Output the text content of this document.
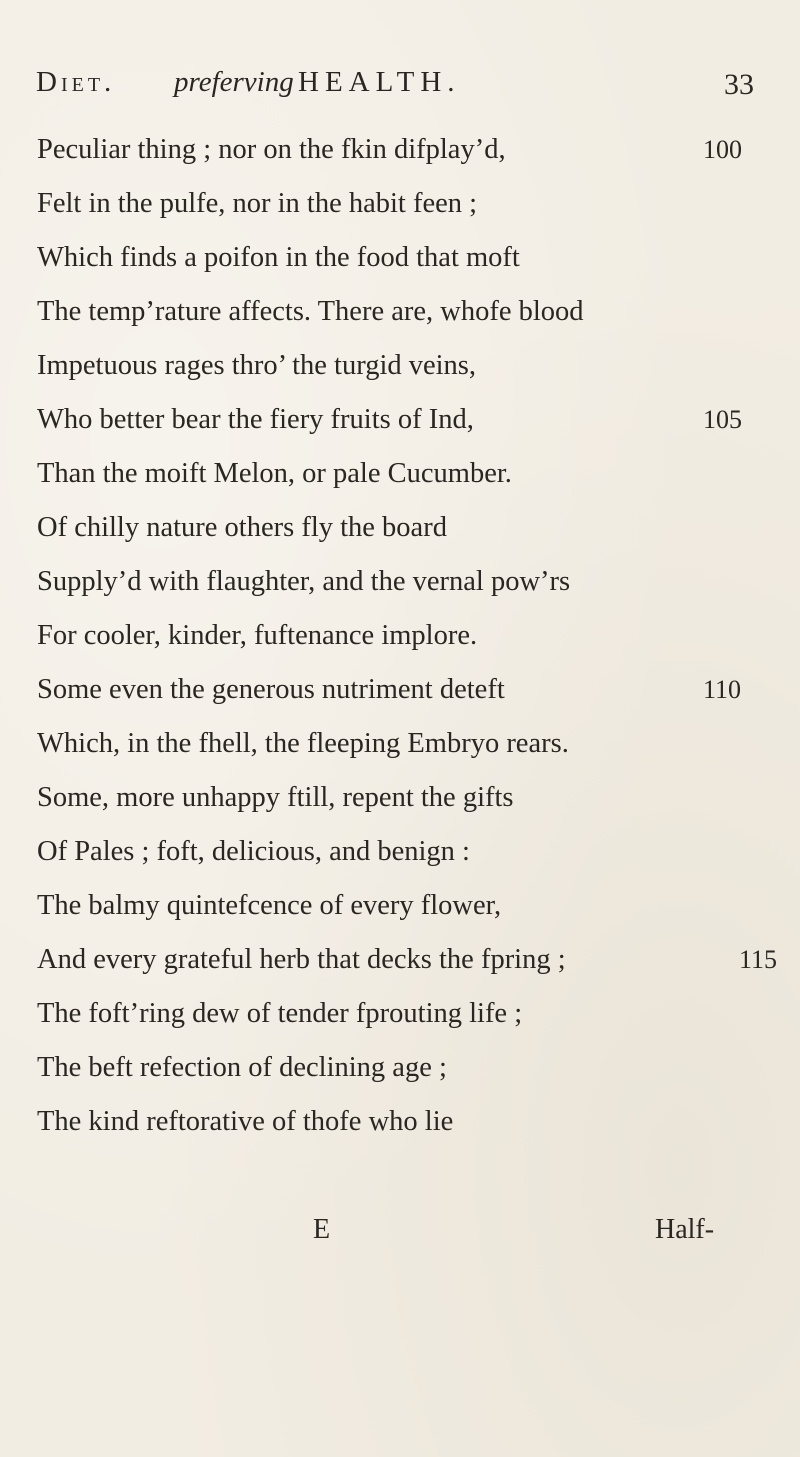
Diet. preferving HEALTH.	33
Peculiar thing ; nor on the fkin difplay’d,	100
Felt in the pulfe, nor in the habit feen ;
Which finds a poifon in the food that moft
The temp’rature affects. There are, whofe blood
Impetuous rages thro’ the turgid veins,
Who better bear the fiery fruits of Ind,	105
Than the moift Melon, or pale Cucumber.
Of chilly nature others fly the board
Supply’d with flaughter, and the vernal pow’rs
For cooler, kinder, fuftenance implore.
Some even the generous nutriment deteft	110
Which, in the fhell, the fleeping Embryo rears.
Some, more unhappy ftill, repent the gifts
Of Pales ; foft, delicious, and benign :
The balmy quintefcence of every flower,
And every grateful herb that decks the fpring ;	115
The foft’ring dew of tender fprouting life ;
The beft refection of declining age ;
The kind reftorative of thofe who lie
E	Half-
